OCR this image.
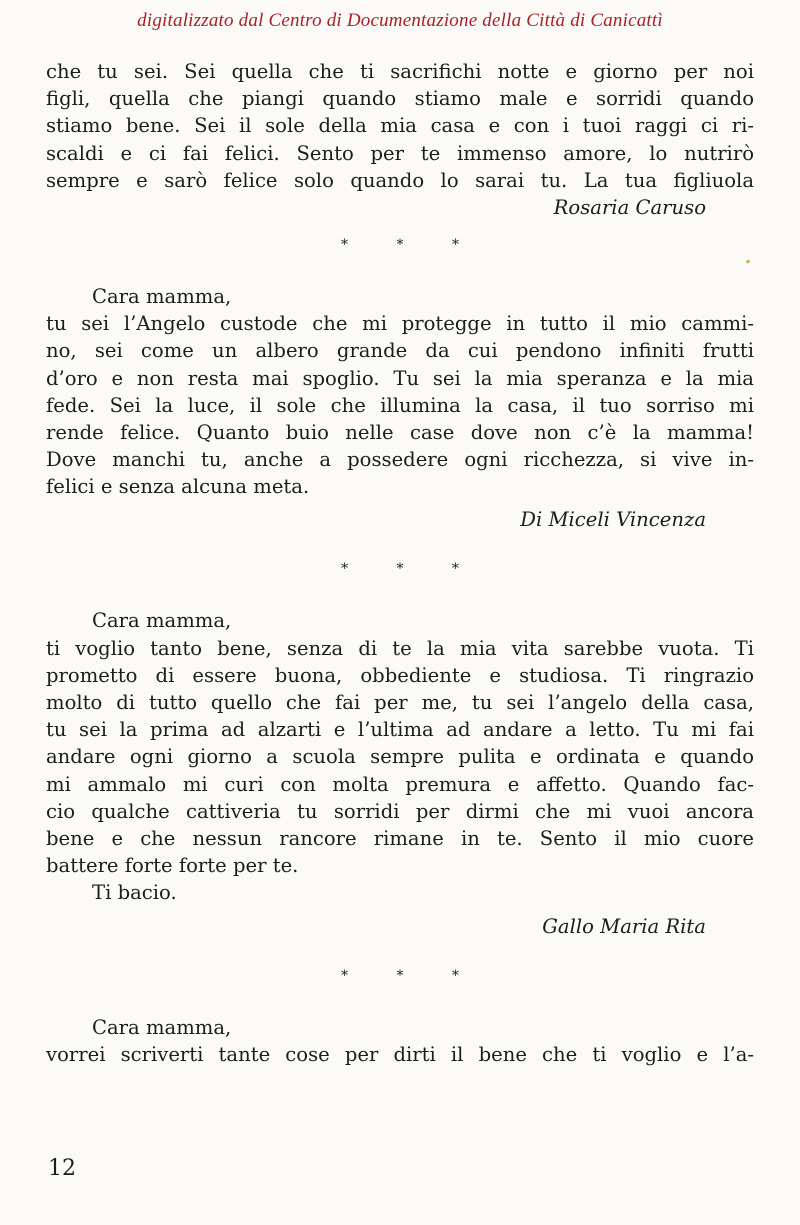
digitalizzato dal Centro di Documentazione della Città di Canicattì
che tu sei. Sei quella che ti sacrifichi notte e giorno per noi
figli, quella che piangi quando stiamo male e sorridi quando
stiamo bene. Sei il sole della mia casa e con i tuoi raggi ci ri-
scaldi e ci fai felici. Sento per te immenso amore, lo nutrirò
sempre e sarò felice solo quando lo sarai tu. La tua figliuola
Rosaria Caruso
* * *
Cara mamma,
tu sei l’Angelo custode che mi protegge in tutto il mio cammi-
no, sei come un albero grande da cui pendono infiniti frutti
d’oro e non resta mai spoglio. Tu sei la mia speranza e la mia
fede. Sei la luce, il sole che illumina la casa, il tuo sorriso mi
rende felice. Quanto buio nelle case dove non c’è la mamma!
Dove manchi tu, anche a possedere ogni ricchezza, si vive in-
felici e senza alcuna meta.
Di Miceli Vincenza
* * *
Cara mamma,
ti voglio tanto bene, senza di te la mia vita sarebbe vuota. Ti
prometto di essere buona, obbediente e studiosa. Ti ringrazio
molto di tutto quello che fai per me, tu sei l’angelo della casa,
tu sei la prima ad alzarti e l’ultima ad andare a letto. Tu mi fai
andare ogni giorno a scuola sempre pulita e ordinata e quando
mi ammalo mi curi con molta premura e affetto. Quando fac-
cio qualche cattiveria tu sorridi per dirmi che mi vuoi ancora
bene e che nessun rancore rimane in te. Sento il mio cuore
battere forte forte per te.
Ti bacio.
Gallo Maria Rita
* * *
Cara mamma,
vorrei scriverti tante cose per dirti il bene che ti voglio e l’a-
12
